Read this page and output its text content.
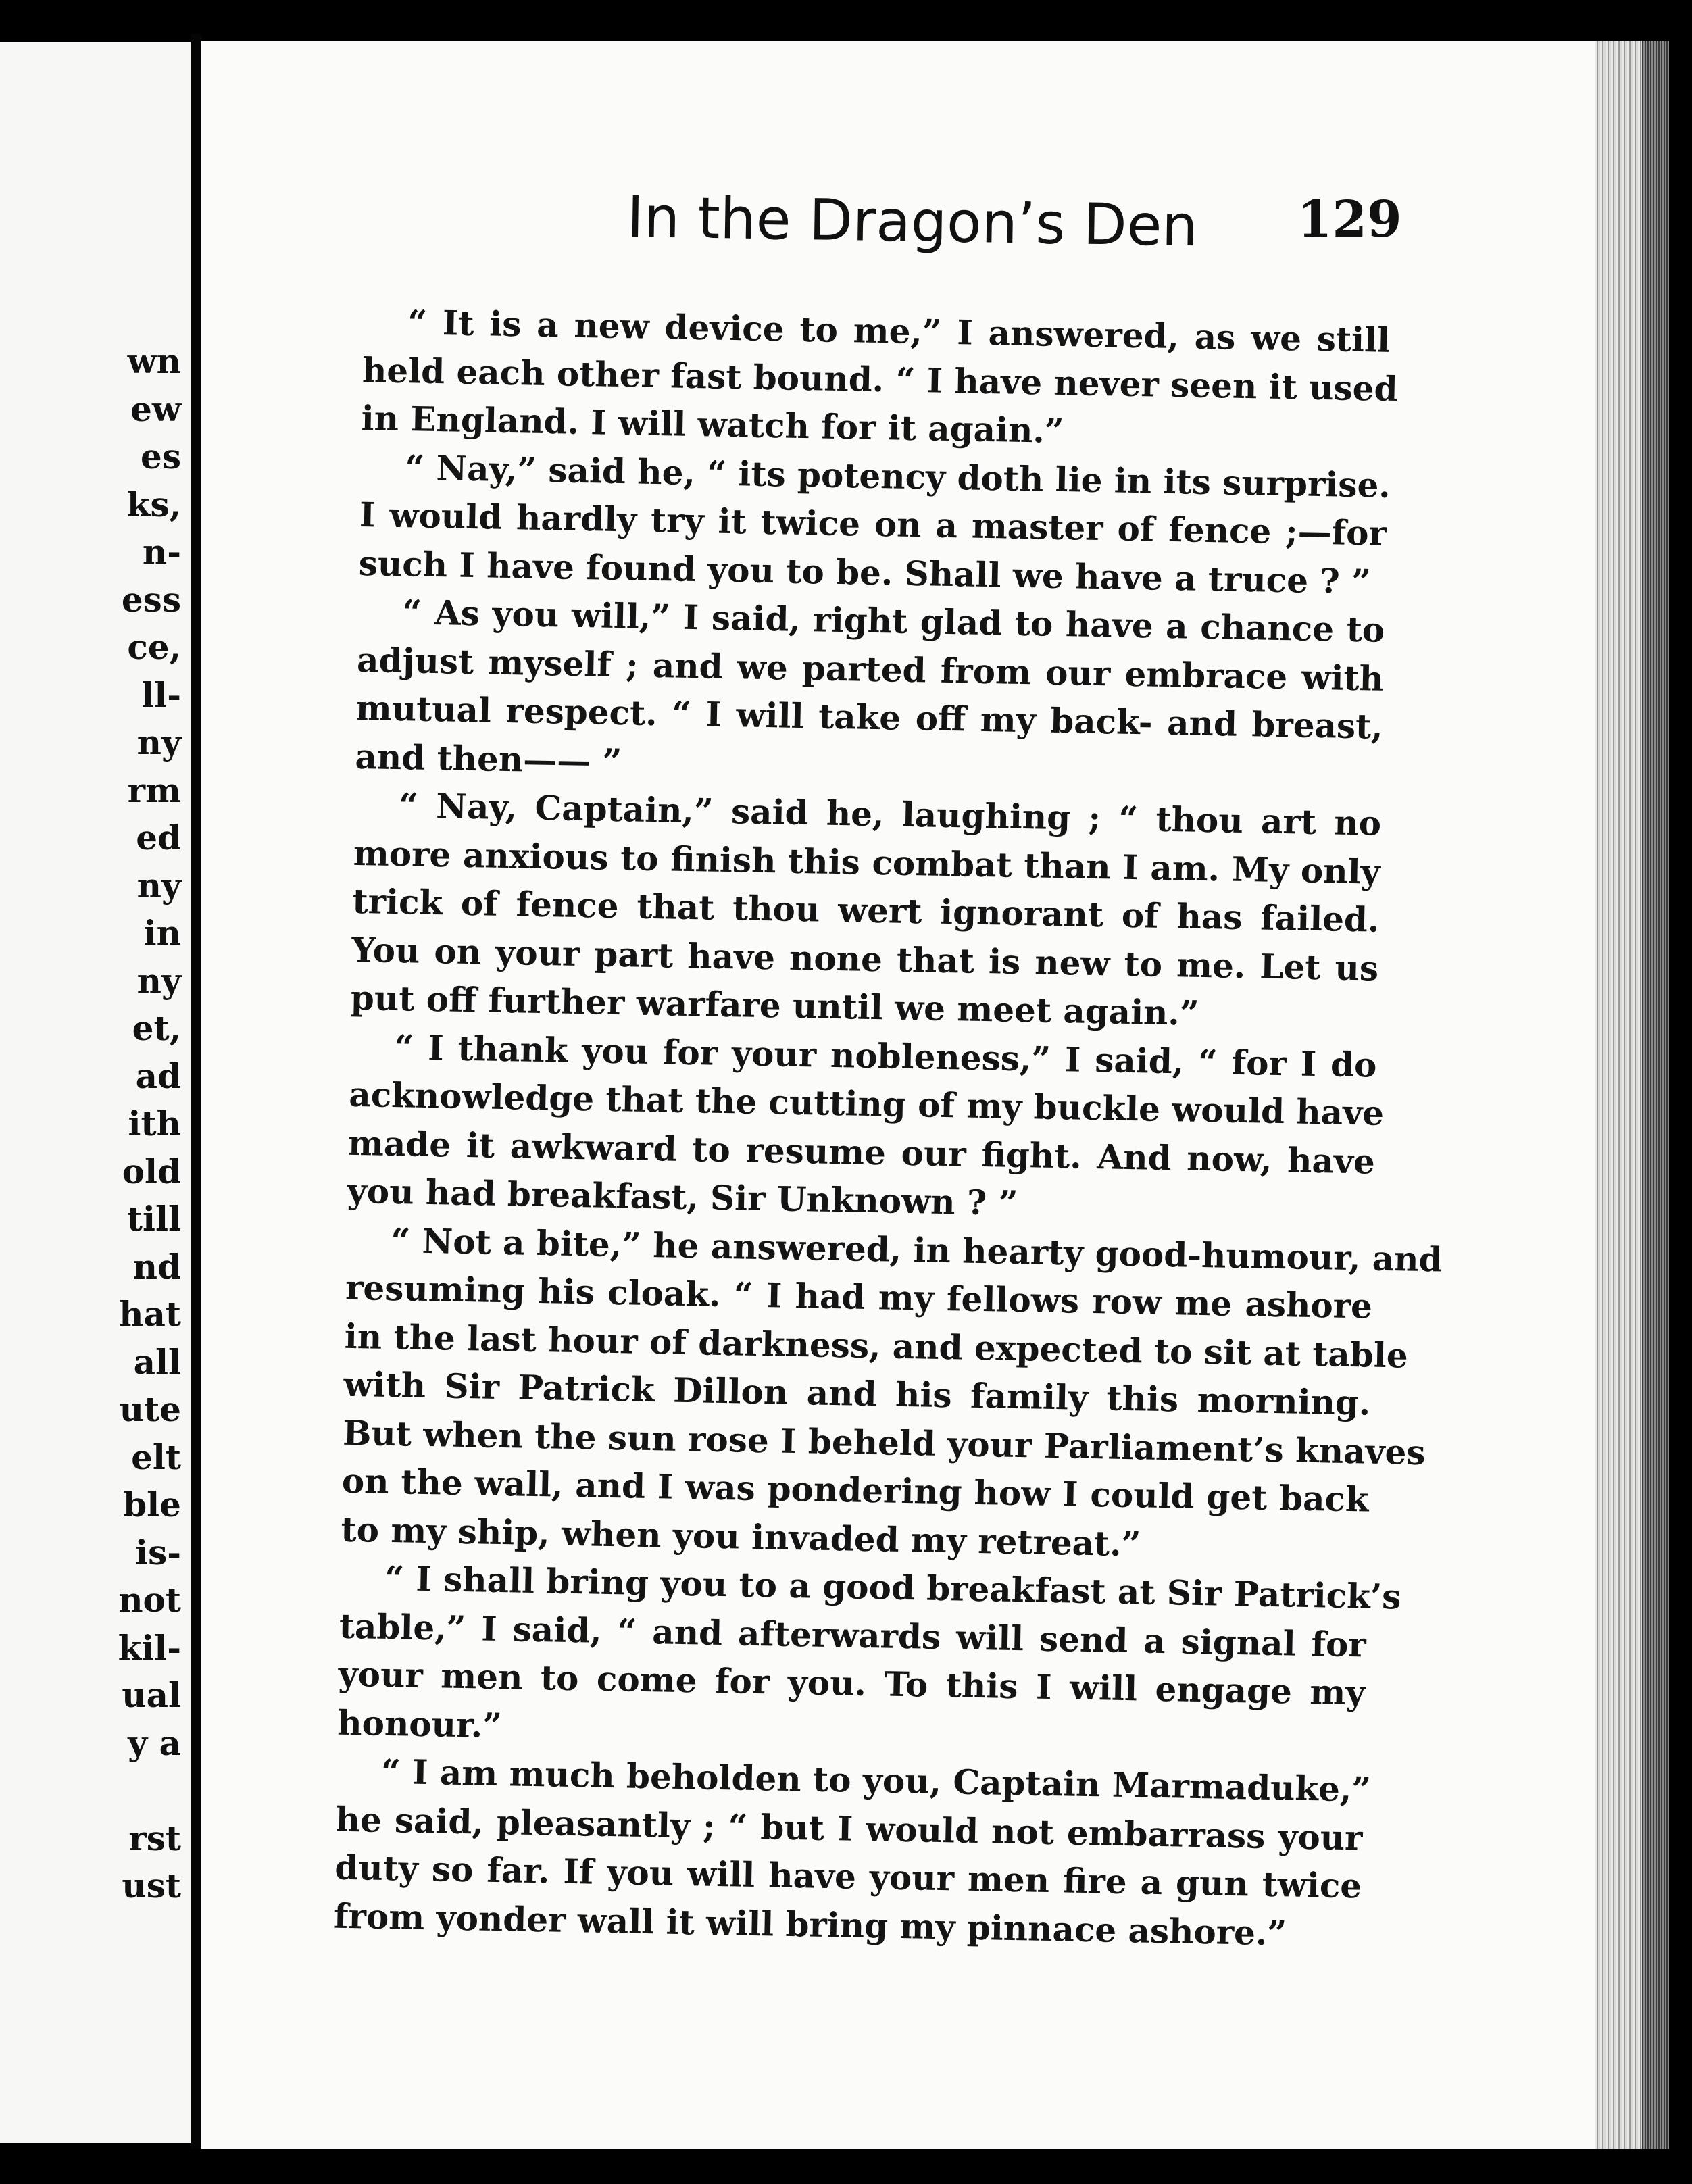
wn
ew
es
ks,
n-
ess
ce,
ll-
ny
rm
ed
ny
in
ny
et,
ad
ith
old
till
nd
hat
all
ute
elt
ble
is-
not
kil-
ual
y a
rst
ust
In the Dragon’s Den 129
“ It is a new device to me,” I answered, as we still
held each other fast bound. “ I have never seen it used
in England. I will watch for it again.”
“ Nay,” said he, “ its potency doth lie in its surprise.
I would hardly try it twice on a master of fence ;—for
such I have found you to be. Shall we have a truce ? ”
“ As you will,” I said, right glad to have a chance to
adjust myself ; and we parted from our embrace with
mutual respect. “ I will take off my back- and breast,
and then—— ”
“ Nay, Captain,” said he, laughing ; “ thou art no
more anxious to finish this combat than I am. My only
trick of fence that thou wert ignorant of has failed.
You on your part have none that is new to me. Let us
put off further warfare until we meet again.”
“ I thank you for your nobleness,” I said, “ for I do
acknowledge that the cutting of my buckle would have
made it awkward to resume our fight. And now, have
you had breakfast, Sir Unknown ? ”
“ Not a bite,” he answered, in hearty good-humour, and
resuming his cloak. “ I had my fellows row me ashore
in the last hour of darkness, and expected to sit at table
with Sir Patrick Dillon and his family this morning.
But when the sun rose I beheld your Parliament’s knaves
on the wall, and I was pondering how I could get back
to my ship, when you invaded my retreat.”
“ I shall bring you to a good breakfast at Sir Patrick’s
table,” I said, “ and afterwards will send a signal for
your men to come for you. To this I will engage my
honour.”
“ I am much beholden to you, Captain Marmaduke,”
he said, pleasantly ; “ but I would not embarrass your
duty so far. If you will have your men fire a gun twice
from yonder wall it will bring my pinnace ashore.”
